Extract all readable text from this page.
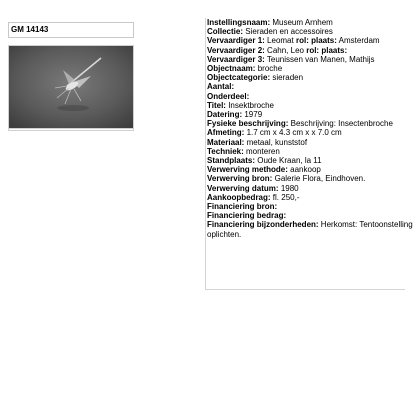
GM 14143
Instellingsnaam: Museum Arnhem
Collectie: Sieraden en accessoires
Vervaardiger 1: Leomat rol: plaats: Amsterdam
Vervaardiger 2: Cahn, Leo rol: plaats:
Vervaardiger 3: Teunissen van Manen, Mathijs
Objectnaam: broche
Objectcategorie: sieraden
Aantal:
Onderdeel:
Titel: Insektbroche
Datering: 1979
Fysieke beschrijving: Beschrijving: Insectenbroche
Afmeting: 1.7 cm x 4.3 cm x x 7.0 cm
Materiaal: metaal, kunststof
Techniek: monteren
Standplaats: Oude Kraan, la 11
Verwerving methode: aankoop
Verwerving bron: Galerie Flora, Eindhoven.
Verwerving datum: 1980
Aankoopbedrag: fl. 250,-
Financiering bron:
Financiering bedrag:
Financiering bijzonderheden: Herkomst: Tentoonstelling
oplichten.
